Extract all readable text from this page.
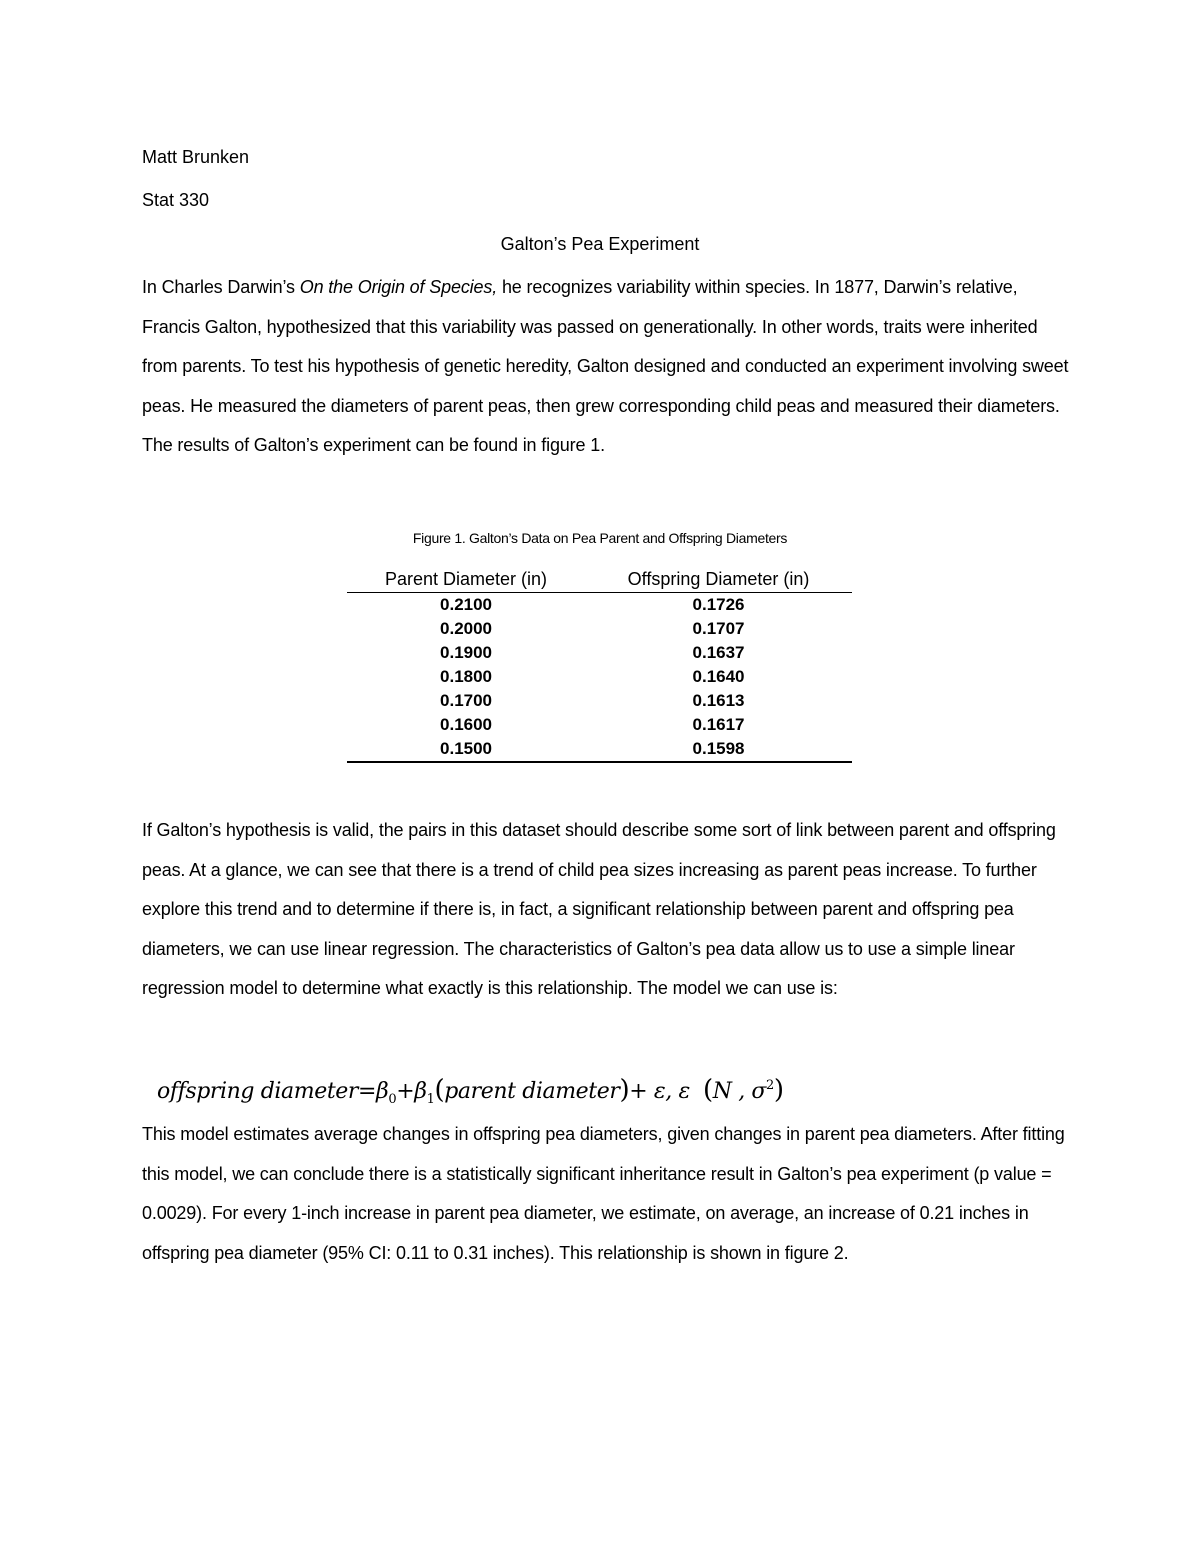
Matt Brunken
Stat 330
Galton’s Pea Experiment
In Charles Darwin’s On the Origin of Species, he recognizes variability within species. In 1877, Darwin’s relative, Francis Galton, hypothesized that this variability was passed on generationally. In other words, traits were inherited from parents. To test his hypothesis of genetic heredity, Galton designed and conducted an experiment involving sweet peas. He measured the diameters of parent peas, then grew corresponding child peas and measured their diameters. The results of Galton’s experiment can be found in figure 1.
Figure 1. Galton’s Data on Pea Parent and Offspring Diameters
Parent Diameter (in)	Offspring Diameter (in)
0.2100	0.1726
0.2000	0.1707
0.1900	0.1637
0.1800	0.1640
0.1700	0.1613
0.1600	0.1617
0.1500	0.1598
If Galton’s hypothesis is valid, the pairs in this dataset should describe some sort of link between parent and offspring peas. At a glance, we can see that there is a trend of child pea sizes increasing as parent peas increase. To further explore this trend and to determine if there is, in fact, a significant relationship between parent and offspring pea diameters, we can use linear regression. The characteristics of Galton’s pea data allow us to use a simple linear regression model to determine what exactly is this relationship. The model we can use is:
offspring $diameter=\beta_0+\beta_1(parent$ diameter)+ ε, ε (N , $\sigma^2$)
This model estimates average changes in offspring pea diameters, given changes in parent pea diameters. After fitting this model, we can conclude there is a statistically significant inheritance result in Galton’s pea experiment (p value = 0.0029). For every 1-inch increase in parent pea diameter, we estimate, on average, an increase of 0.21 inches in offspring pea diameter (95% CI: 0.11 to 0.31 inches). This relationship is shown in figure 2.
